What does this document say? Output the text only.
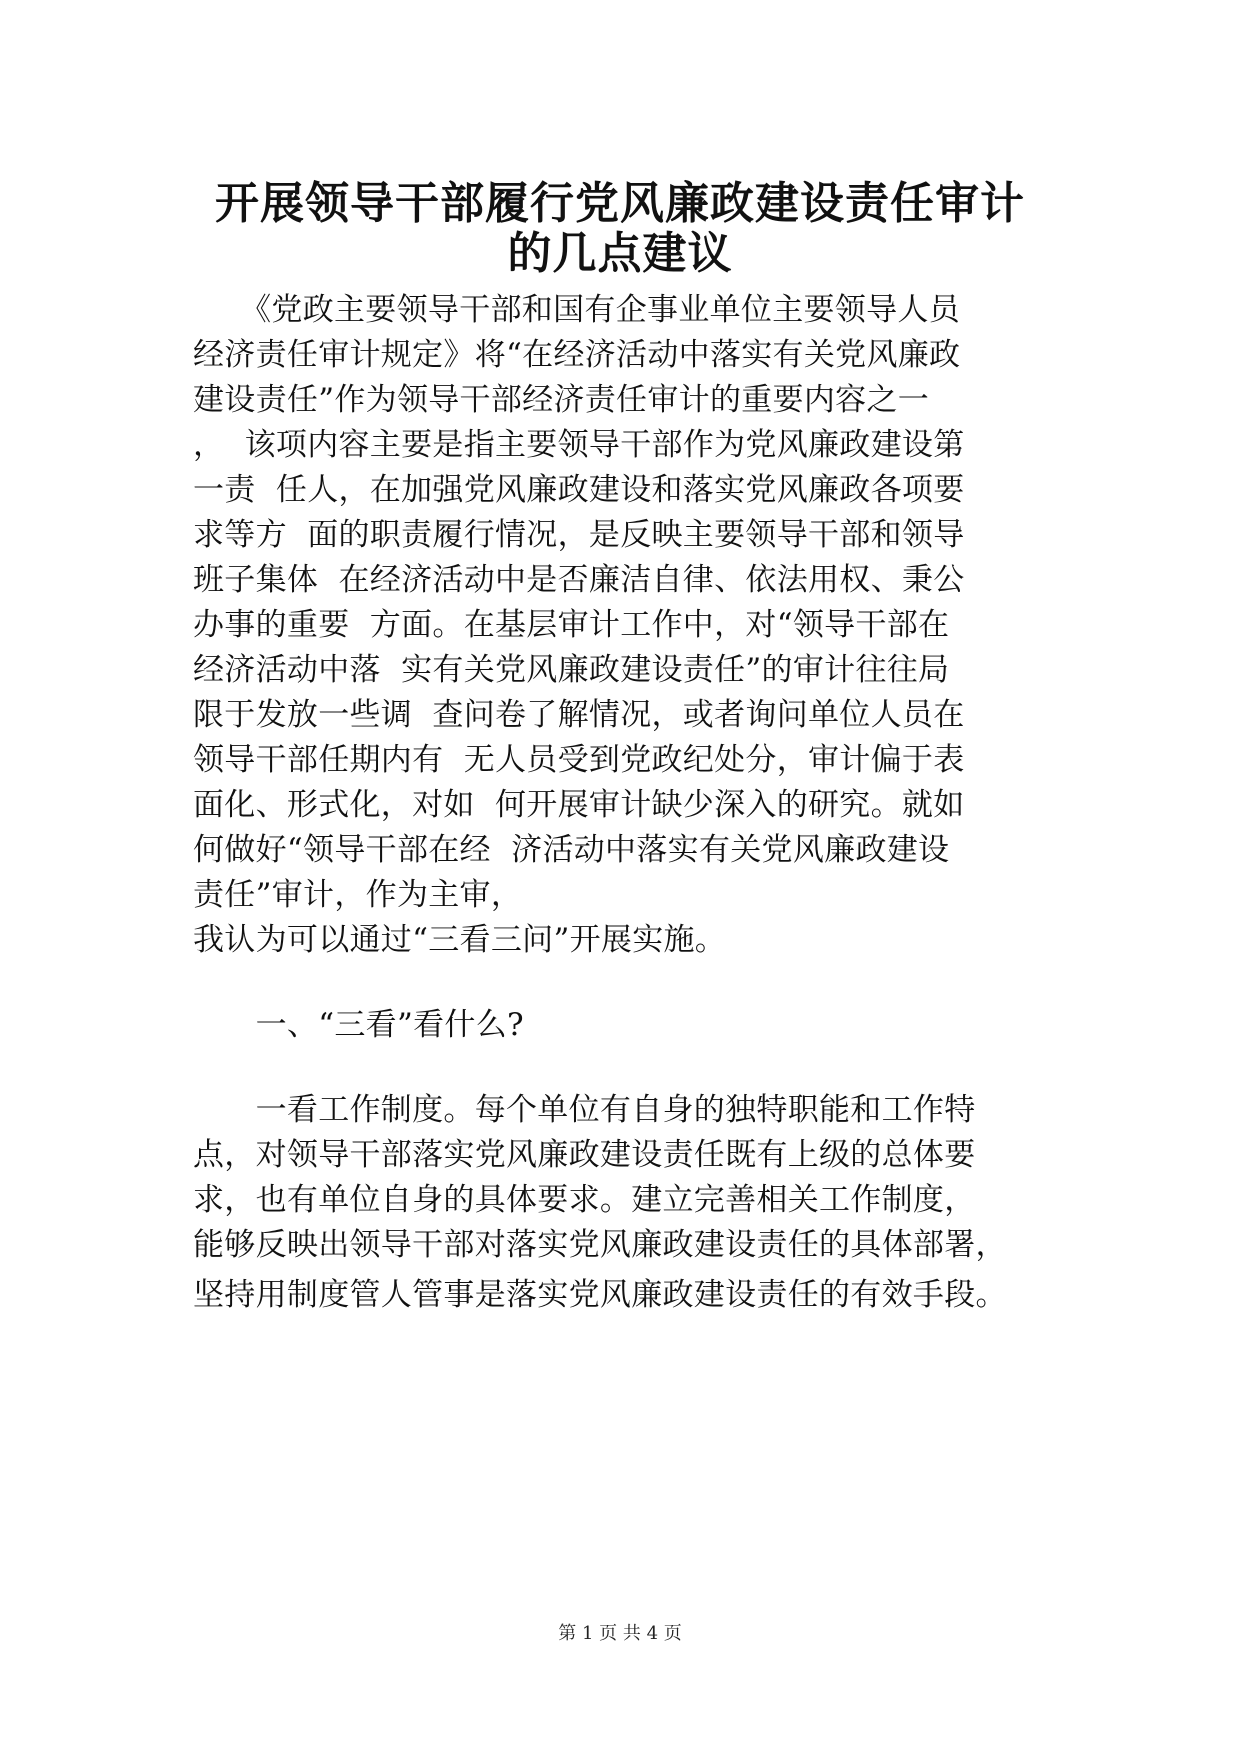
开展领导干部履行党风廉政建设责任审计
的几点建议
　　《党政主要领导干部和国有企事业单位主要领导人员
经济责任审计规定》将“在经济活动中落实有关党风廉政
建设责任”作为领导干部经济责任审计的重要内容之一
，  该项内容主要是指主要领导干部作为党风廉政建设第
一责  任人，在加强党风廉政建设和落实党风廉政各项要
求等方  面的职责履行情况，是反映主要领导干部和领导
班子集体  在经济活动中是否廉洁自律、依法用权、秉公
办事的重要  方面。在基层审计工作中，对“领导干部在
经济活动中落  实有关党风廉政建设责任”的审计往往局
限于发放一些调  查问卷了解情况，或者询问单位人员在
领导干部任期内有  无人员受到党政纪处分，审计偏于表
面化、形式化，对如  何开展审计缺少深入的研究。就如
何做好“领导干部在经  济活动中落实有关党风廉政建设
责任”审计，作为主审，
我认为可以通过“三看三问”开展实施。
　　一、“三看”看什么?
　　一看工作制度。每个单位有自身的独特职能和工作特
点，对领导干部落实党风廉政建设责任既有上级的总体要
求，也有单位自身的具体要求。建立完善相关工作制度，
能够反映出领导干部对落实党风廉政建设责任的具体部署，
坚持用制度管人管事是落实党风廉政建设责任的有效手段。
第 1 页 共 4 页
